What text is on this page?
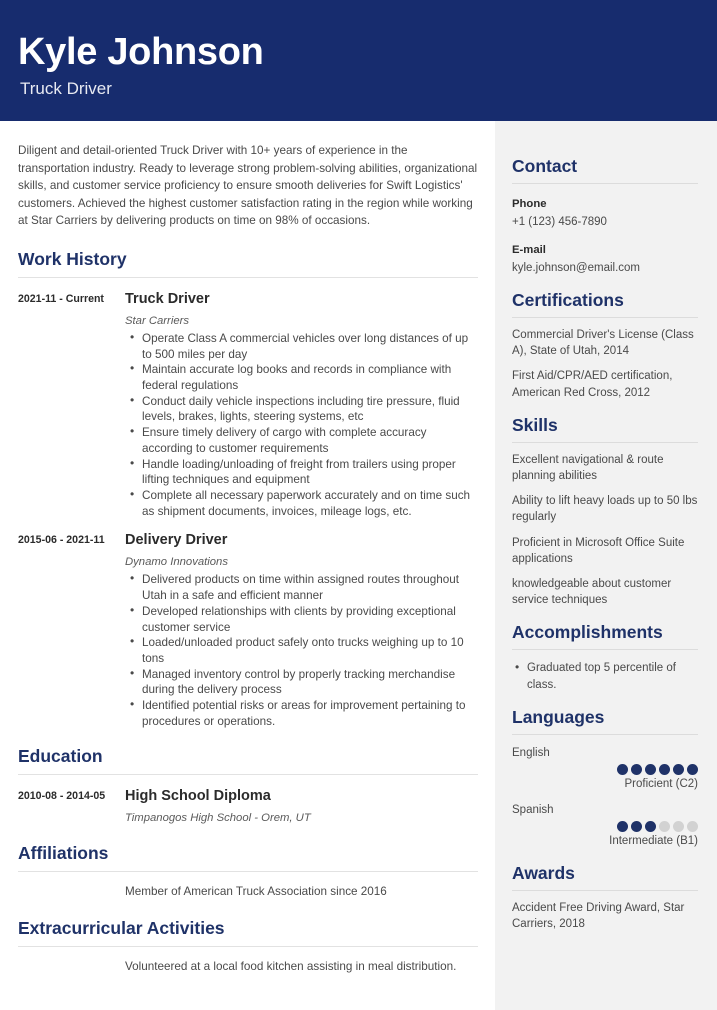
Kyle Johnson
Truck Driver

Diligent and detail-oriented Truck Driver with 10+ years of experience in the transportation industry. Ready to leverage strong problem-solving abilities, organizational skills, and customer service proficiency to ensure smooth deliveries for Swift Logistics' customers. Achieved the highest customer satisfaction rating in the region while working at Star Carriers by delivering products on time on 98% of occasions.

Work History
2021-11 - Current	Truck Driver
Star Carriers
• Operate Class A commercial vehicles over long distances of up to 500 miles per day
• Maintain accurate log books and records in compliance with federal regulations
• Conduct daily vehicle inspections including tire pressure, fluid levels, brakes, lights, steering systems, etc
• Ensure timely delivery of cargo with complete accuracy according to customer requirements
• Handle loading/unloading of freight from trailers using proper lifting techniques and equipment
• Complete all necessary paperwork accurately and on time such as shipment documents, invoices, mileage logs, etc.
2015-06 - 2021-11	Delivery Driver
Dynamo Innovations
• Delivered products on time within assigned routes throughout Utah in a safe and efficient manner
• Developed relationships with clients by providing exceptional customer service
• Loaded/unloaded product safely onto trucks weighing up to 10 tons
• Managed inventory control by properly tracking merchandise during the delivery process
• Identified potential risks or areas for improvement pertaining to procedures or operations.
Education
2010-08 - 2014-05	High School Diploma
Timpanogos High School - Orem, UT
Affiliations
Member of American Truck Association since 2016
Extracurricular Activities
Volunteered at a local food kitchen assisting in meal distribution.
Contact
Phone
+1 (123) 456-7890
E-mail
kyle.johnson@email.com
Certifications
Commercial Driver's License (Class A), State of Utah, 2014
First Aid/CPR/AED certification, American Red Cross, 2012
Skills
Excellent navigational & route planning abilities
Ability to lift heavy loads up to 50 lbs regularly
Proficient in Microsoft Office Suite applications
knowledgeable about customer service techniques
Accomplishments
• Graduated top 5 percentile of class.
Languages
English
Proficient (C2)
Spanish
Intermediate (B1)
Awards
Accident Free Driving Award, Star Carriers, 2018
